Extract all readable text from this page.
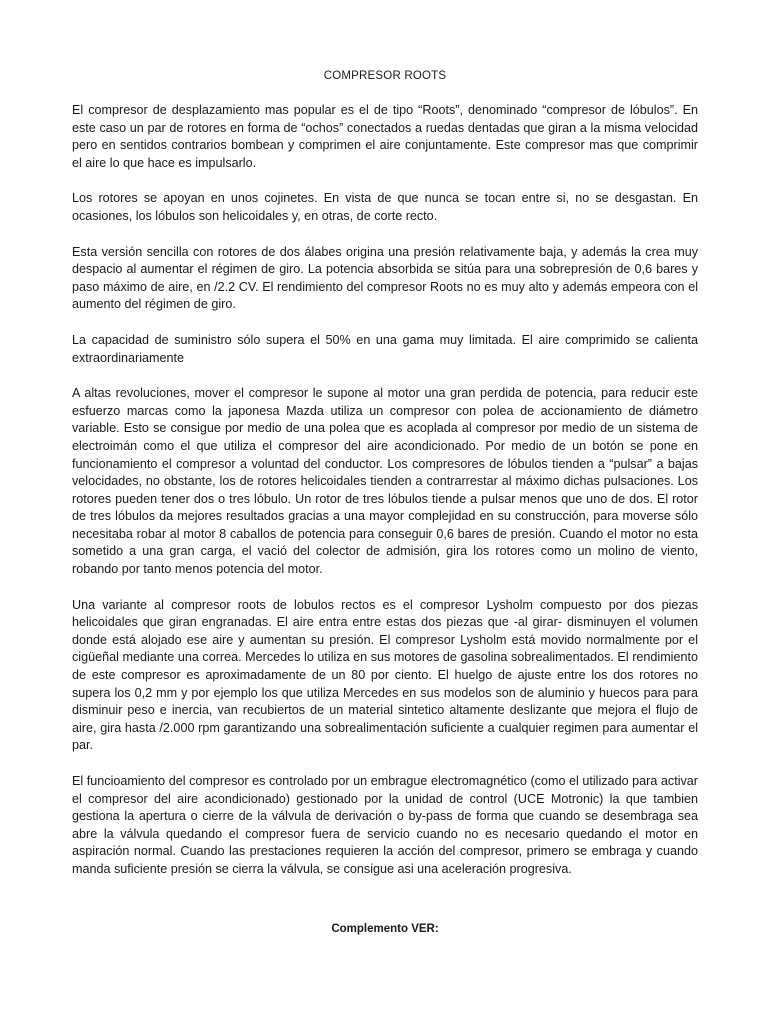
COMPRESOR ROOTS

El compresor de desplazamiento mas popular es el de tipo “Roots”, denominado “compresor de lóbulos”. En este caso un par de rotores en forma de “ochos” conectados a ruedas dentadas que giran a la misma velocidad pero en sentidos contrarios bombean y comprimen el aire conjuntamente. Este compresor mas que comprimir el aire lo que hace es impulsarlo.

Los rotores se apoyan en unos cojinetes. En vista de que nunca se tocan entre si, no se desgastan. En ocasiones, los lóbulos son helicoidales y, en otras, de corte recto.

Esta versión sencilla con rotores de dos álabes origina una presión relativamente baja, y además la crea muy despacio al aumentar el régimen de giro. La potencia absorbida se sitúa para una sobrepresión de 0,6 bares y paso máximo de aire, en /2.2 CV. El rendimiento del compresor Roots no es muy alto y además empeora con el aumento del régimen de giro.

La capacidad de suministro sólo supera el 50% en una gama muy limitada. El aire comprimido se calienta extraordinariamente

A altas revoluciones, mover el compresor le supone al motor una gran perdida de potencia, para reducir este esfuerzo marcas como la japonesa Mazda utiliza un compresor con polea de accionamiento de diámetro variable. Esto se consigue por medio de una polea que es acoplada al compresor por medio de un sistema de electroimán como el que utiliza el compresor del aire acondicionado. Por medio de un botón se pone en funcionamiento el compresor a voluntad del conductor. Los compresores de lóbulos tienden a “pulsar” a bajas velocidades, no obstante, los de rotores helicoidales tienden a contrarrestar al máximo dichas pulsaciones. Los rotores pueden tener dos o tres lóbulo. Un rotor de tres lóbulos tiende a pulsar menos que uno de dos. El rotor de tres lóbulos da mejores resultados gracias a una mayor complejidad en su construcción, para moverse sólo necesitaba robar al motor 8 caballos de potencia para conseguir 0,6 bares de presión. Cuando el motor no esta sometido a una gran carga, el vació del colector de admisión, gira los rotores como un molino de viento, robando por tanto menos potencia del motor.

Una variante al compresor roots de lobulos rectos es el compresor Lysholm compuesto por dos piezas helicoidales que giran engranadas. El aire entra entre estas dos piezas que -al girar- disminuyen el volumen donde está alojado ese aire y aumentan su presión. El compresor Lysholm está movido normalmente por el cigüeñal mediante una correa. Mercedes lo utiliza en sus motores de gasolina sobrealimentados. El rendimiento de este compresor es aproximadamente de un 80 por ciento. El huelgo de ajuste entre los dos rotores no supera los 0,2 mm y por ejemplo los que utiliza Mercedes en sus modelos son de aluminio y huecos para para disminuir peso e inercia, van recubiertos de un material sintetico altamente deslizante que mejora el flujo de aire, gira hasta /2.000 rpm garantizando una sobrealimentación suficiente a cualquier regimen para aumentar el par.

El funcioamiento del compresor es controlado por un embrague electromagnético (como el utilizado para activar el compresor del aire acondicionado) gestionado por la unidad de control (UCE Motronic) la que tambien gestiona la apertura o cierre de la válvula de derivación o by-pass de forma que cuando se desembraga sea abre la válvula quedando el compresor fuera de servicio cuando no es necesario quedando el motor en aspiración normal. Cuando las prestaciones requieren la acción del compresor, primero se embraga y cuando manda suficiente presión se cierra la válvula, se consigue asi una aceleración progresiva.

Complemento VER:
